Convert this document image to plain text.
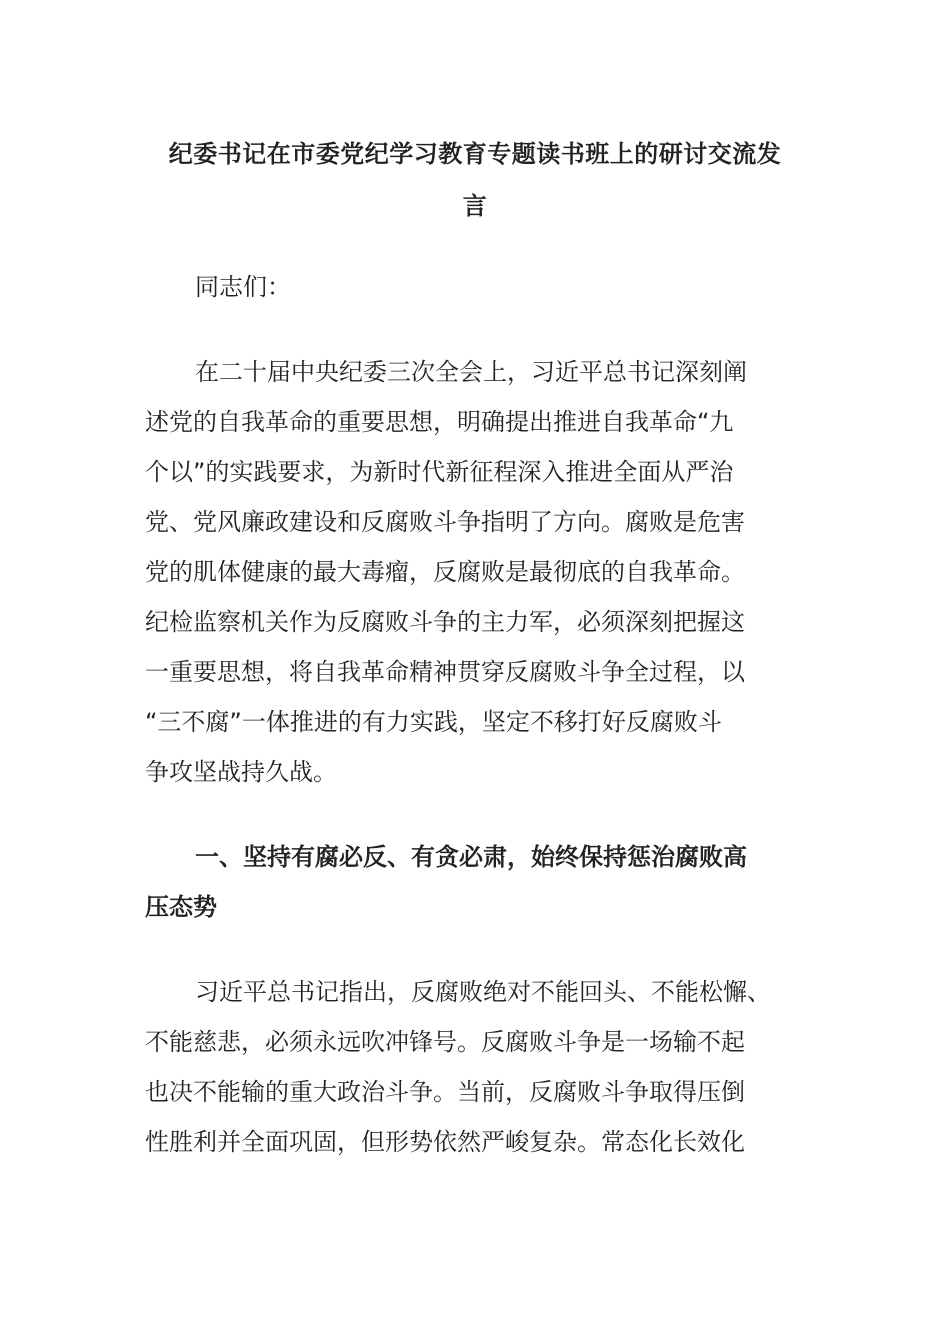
纪委书记在市委党纪学习教育专题读书班上的研讨交流发
言

同志们：

在二十届中央纪委三次全会上，习近平总书记深刻阐

述党的自我革命的重要思想，明确提出推进自我革命“九

个以”的实践要求，为新时代新征程深入推进全面从严治

党、党风廉政建设和反腐败斗争指明了方向。腐败是危害

党的肌体健康的最大毒瘤，反腐败是最彻底的自我革命。

纪检监察机关作为反腐败斗争的主力军，必须深刻把握这

一重要思想，将自我革命精神贯穿反腐败斗争全过程，以

“三不腐”一体推进的有力实践，坚定不移打好反腐败斗

争攻坚战持久战。

一、坚持有腐必反、有贪必肃，始终保持惩治腐败高

压态势

习近平总书记指出，反腐败绝对不能回头、不能松懈、

不能慈悲，必须永远吹冲锋号。反腐败斗争是一场输不起

也决不能输的重大政治斗争。当前，反腐败斗争取得压倒

性胜利并全面巩固，但形势依然严峻复杂。常态化长效化
